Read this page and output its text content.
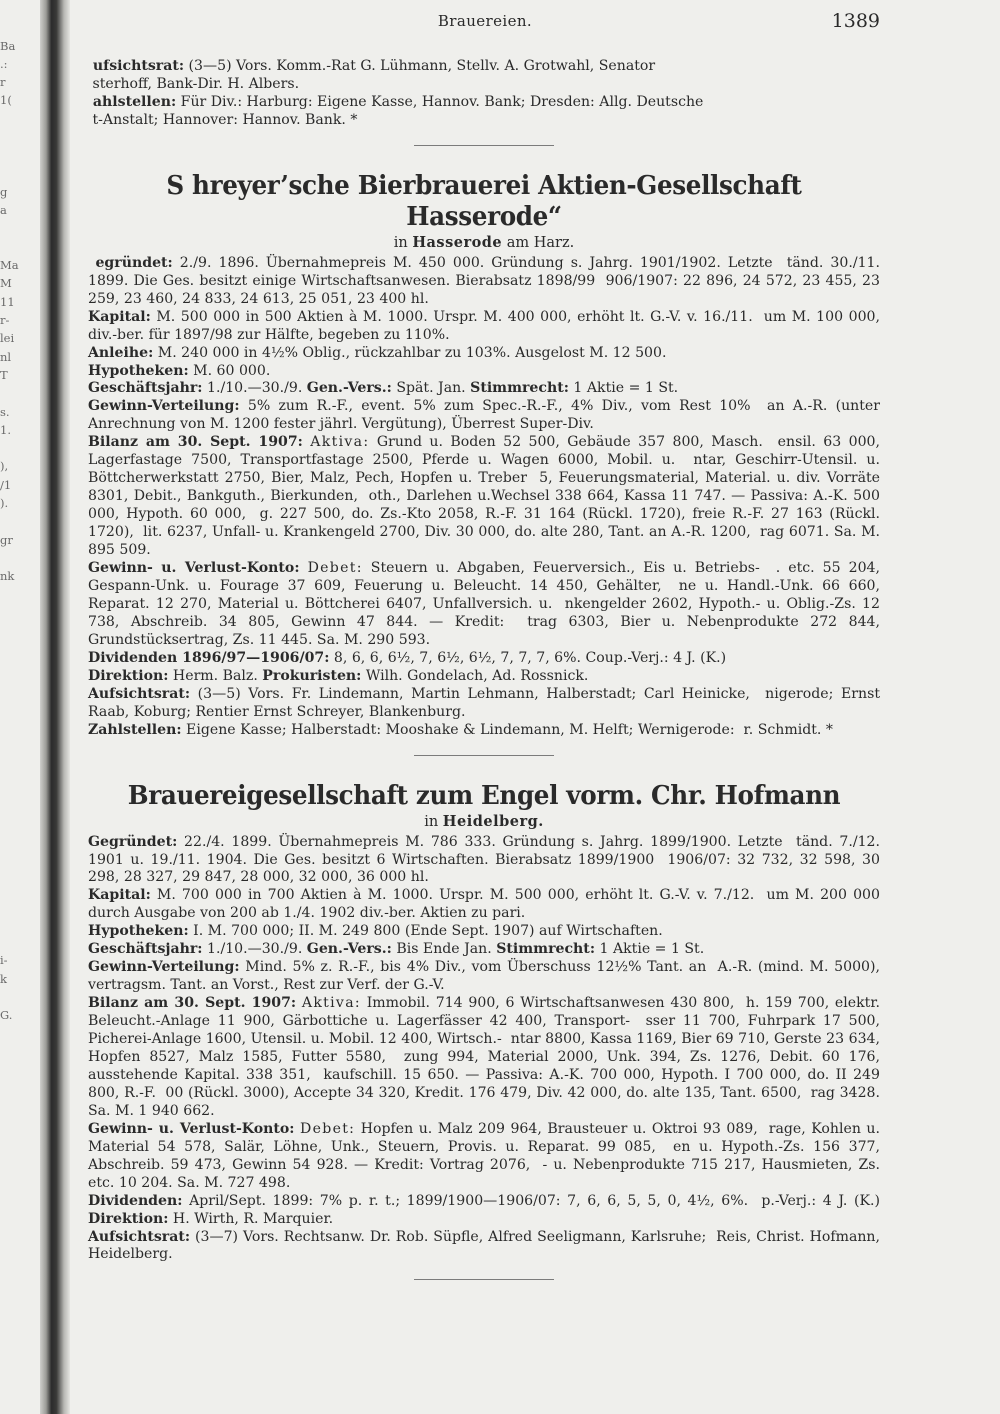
Ba
.:
r
1(

g
a

Ma
M
11
r-
lei
nl
T

s.
1.

),
/1
).

gr

nk

i-
k

G.

Brauereien.	1389

ufsichtsrat: (3—5) Vors. Komm.-Rat G. Lühmann, Stellv. A. Grotwahl, Senator

sterhoff, Bank-Dir. H. Albers.

ahlstellen: Für Div.: Harburg: Eigene Kasse, Hannov. Bank; Dresden: Allg. Deutsche

t-Anstalt; Hannover: Hannov. Bank. *

S hreyer’sche Bierbrauerei Aktien-Gesellschaft Hasserode“

in Hasserode am Harz.

egründet: 2./9. 1896. Übernahmepreis M. 450 000. Gründung s. Jahrg. 1901/1902. Letzte  tänd. 30./11. 1899. Die Ges. besitzt einige Wirtschaftsanwesen. Bierabsatz 1898/99  906/1907: 22 896, 24 572, 23 455, 23 259, 23 460, 24 833, 24 613, 25 051, 23 400 hl.

Kapital: M. 500 000 in 500 Aktien à M. 1000. Urspr. M. 400 000, erhöht lt. G.-V. v. 16./11.  um M. 100 000, div.-ber. für 1897/98 zur Hälfte, begeben zu 110%.

Anleihe: M. 240 000 in 4½% Oblig., rückzahlbar zu 103%. Ausgelost M. 12 500.

Hypotheken: M. 60 000.

Geschäftsjahr: 1./10.—30./9. Gen.-Vers.: Spät. Jan. Stimmrecht: 1 Aktie = 1 St.

Gewinn-Verteilung: 5% zum R.-F., event. 5% zum Spec.-R.-F., 4% Div., vom Rest 10%  an A.-R. (unter Anrechnung von M. 1200 fester jährl. Vergütung), Überrest Super-Div.

Bilanz am 30. Sept. 1907: Aktiva: Grund u. Boden 52 500, Gebäude 357 800, Masch.  ensil. 63 000, Lagerfastage 7500, Transportfastage 2500, Pferde u. Wagen 6000, Mobil. u.  ntar, Geschirr-Utensil. u. Böttcherwerkstatt 2750, Bier, Malz, Pech, Hopfen u. Treber  5, Feuerungsmaterial, Material. u. div. Vorräte 8301, Debit., Bankguth., Bierkunden,  oth., Darlehen u.Wechsel 338 664, Kassa 11 747. — Passiva: A.-K. 500 000, Hypoth. 60 000,  g. 227 500, do. Zs.-Kto 2058, R.-F. 31 164 (Rückl. 1720), freie R.-F. 27 163 (Rückl. 1720),  lit. 6237, Unfall- u. Krankengeld 2700, Div. 30 000, do. alte 280, Tant. an A.-R. 1200,  rag 6071. Sa. M. 895 509.

Gewinn- u. Verlust-Konto: Debet: Steuern u. Abgaben, Feuerversich., Eis u. Betriebs-  . etc. 55 204, Gespann-Unk. u. Fourage 37 609, Feuerung u. Beleucht. 14 450, Gehälter,  ne u. Handl.-Unk. 66 660, Reparat. 12 270, Material u. Böttcherei 6407, Unfallversich. u.  nkengelder 2602, Hypoth.- u. Oblig.-Zs. 12 738, Abschreib. 34 805, Gewinn 47 844. — Kredit:  trag 6303, Bier u. Nebenprodukte 272 844, Grundstücksertrag, Zs. 11 445. Sa. M. 290 593.

Dividenden 1896/97—1906/07: 8, 6, 6, 6½, 7, 6½, 6½, 7, 7, 7, 6%. Coup.-Verj.: 4 J. (K.)

Direktion: Herm. Balz. Prokuristen: Wilh. Gondelach, Ad. Rossnick.

Aufsichtsrat: (3—5) Vors. Fr. Lindemann, Martin Lehmann, Halberstadt; Carl Heinicke,  nigerode; Ernst Raab, Koburg; Rentier Ernst Schreyer, Blankenburg.

Zahlstellen: Eigene Kasse; Halberstadt: Mooshake & Lindemann, M. Helft; Wernigerode:  r. Schmidt. *

Brauereigesellschaft zum Engel vorm. Chr. Hofmann

in Heidelberg.

Gegründet: 22./4. 1899. Übernahmepreis M. 786 333. Gründung s. Jahrg. 1899/1900. Letzte  tänd. 7./12. 1901 u. 19./11. 1904. Die Ges. besitzt 6 Wirtschaften. Bierabsatz 1899/1900  1906/07: 32 732, 32 598, 30 298, 28 327, 29 847, 28 000, 32 000, 36 000 hl.

Kapital: M. 700 000 in 700 Aktien à M. 1000. Urspr. M. 500 000, erhöht lt. G.-V. v. 7./12.  um M. 200 000 durch Ausgabe von 200 ab 1./4. 1902 div.-ber. Aktien zu pari.

Hypotheken: I. M. 700 000; II. M. 249 800 (Ende Sept. 1907) auf Wirtschaften.

Geschäftsjahr: 1./10.—30./9. Gen.-Vers.: Bis Ende Jan. Stimmrecht: 1 Aktie = 1 St.

Gewinn-Verteilung: Mind. 5% z. R.-F., bis 4% Div., vom Überschuss 12½% Tant. an  A.-R. (mind. M. 5000), vertragsm. Tant. an Vorst., Rest zur Verf. der G.-V.

Bilanz am 30. Sept. 1907: Aktiva: Immobil. 714 900, 6 Wirtschaftsanwesen 430 800,  h. 159 700, elektr. Beleucht.-Anlage 11 900, Gärbottiche u. Lagerfässer 42 400, Transport-  sser 11 700, Fuhrpark 17 500, Picherei-Anlage 1600, Utensil. u. Mobil. 12 400, Wirtsch.-  ntar 8800, Kassa 1169, Bier 69 710, Gerste 23 634, Hopfen 8527, Malz 1585, Futter 5580,  zung 994, Material 2000, Unk. 394, Zs. 1276, Debit. 60 176, ausstehende Kapital. 338 351,  kaufschill. 15 650. — Passiva: A.-K. 700 000, Hypoth. I 700 000, do. II 249 800, R.-F.  00 (Rückl. 3000), Accepte 34 320, Kredit. 176 479, Div. 42 000, do. alte 135, Tant. 6500,  rag 3428. Sa. M. 1 940 662.

Gewinn- u. Verlust-Konto: Debet: Hopfen u. Malz 209 964, Brausteuer u. Oktroi 93 089,  rage, Kohlen u. Material 54 578, Salär, Löhne, Unk., Steuern, Provis. u. Reparat. 99 085,  en u. Hypoth.-Zs. 156 377, Abschreib. 59 473, Gewinn 54 928. — Kredit: Vortrag 2076,  - u. Nebenprodukte 715 217, Hausmieten, Zs. etc. 10 204. Sa. M. 727 498.

Dividenden: April/Sept. 1899: 7% p. r. t.; 1899/1900—1906/07: 7, 6, 6, 5, 5, 0, 4½, 6%.  p.-Verj.: 4 J. (K.) Direktion: H. Wirth, R. Marquier.

Aufsichtsrat: (3—7) Vors. Rechtsanw. Dr. Rob. Süpfle, Alfred Seeligmann, Karlsruhe;  Reis, Christ. Hofmann, Heidelberg.
